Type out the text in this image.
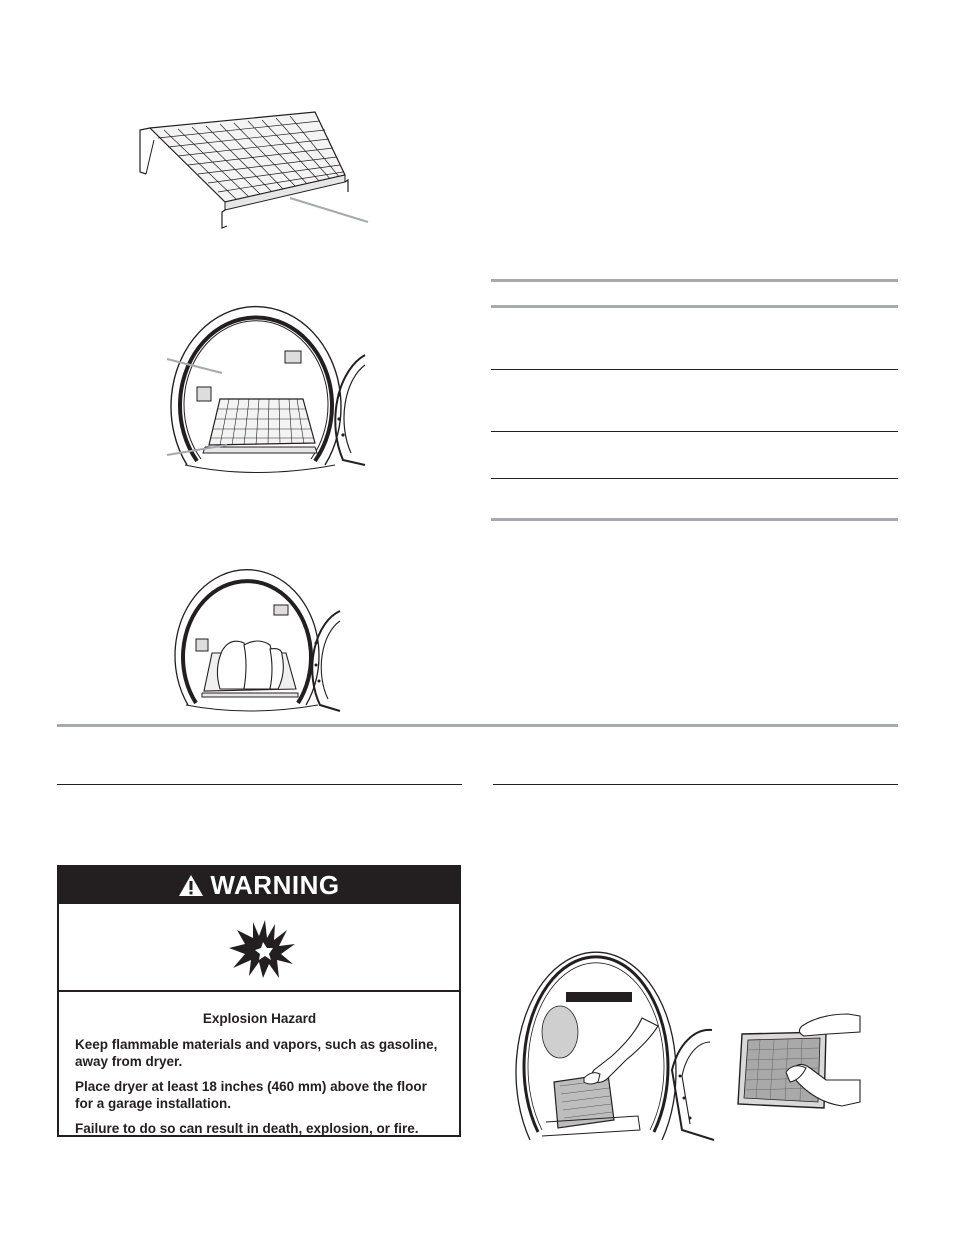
WARNING
Explosion Hazard

Keep flammable materials and vapors, such as gasoline, away from dryer.

Place dryer at least 18 inches (460 mm) above the floor for a garage installation.

Failure to do so can result in death, explosion, or fire.
